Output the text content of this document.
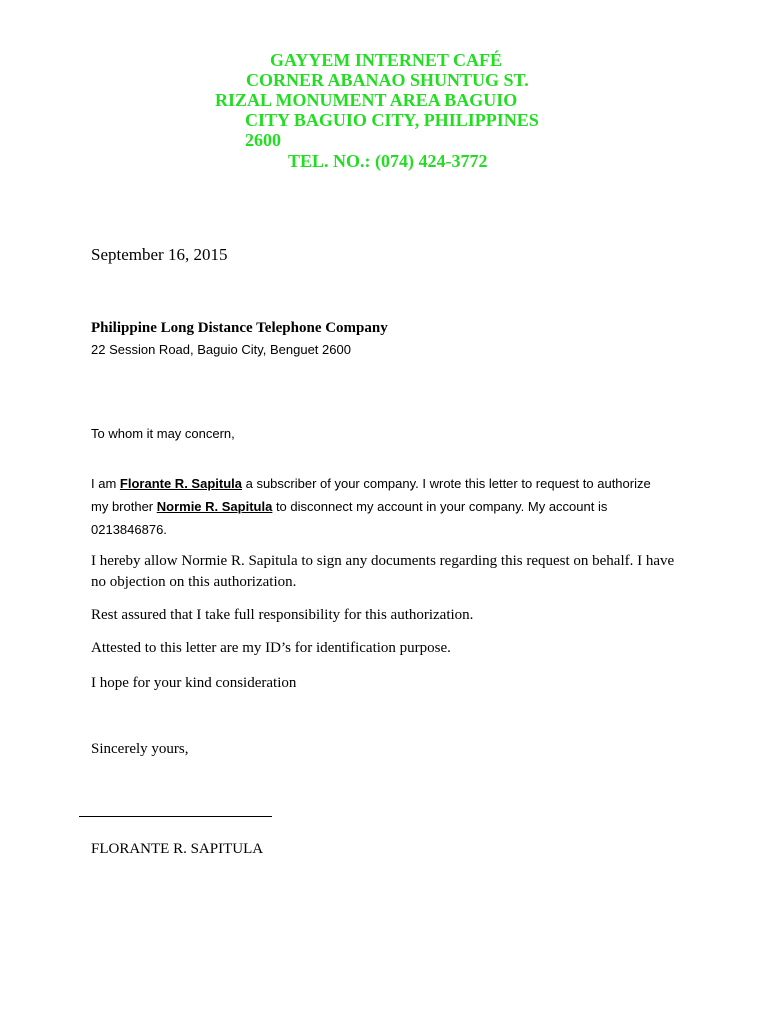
GAYYEM INTERNET CAFÉ
CORNER ABANAO SHUNTUG ST.
RIZAL MONUMENT AREA BAGUIO
CITY BAGUIO CITY, PHILIPPINES
2600
TEL. NO.: (074) 424-3772
September 16, 2015
Philippine Long Distance Telephone Company
22 Session Road, Baguio City, Benguet 2600
To whom it may concern,
I am Florante R. Sapitula a subscriber of your company. I wrote this letter to request to authorize
my brother Normie R. Sapitula to disconnect my account in your company. My account is
0213846876.
I hereby allow Normie R. Sapitula to sign any documents regarding this request on behalf. I have
no objection on this authorization.
Rest assured that I take full responsibility for this authorization.
Attested to this letter are my ID’s for identification purpose.
I hope for your kind consideration
Sincerely yours,
FLORANTE R. SAPITULA
